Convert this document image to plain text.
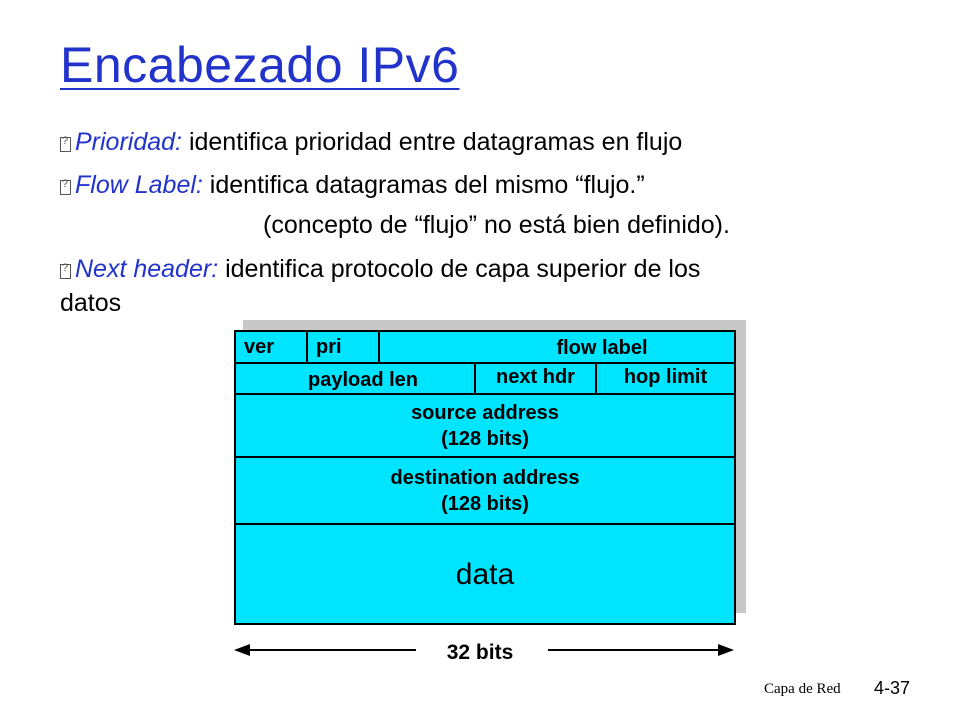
Encabezado IPv6
?Prioridad: identifica prioridad entre datagramas en flujo
?Flow Label: identifica datagramas del mismo “flujo.”
(concepto de “flujo” no está bien definido).
?Next header: identifica protocolo de capa superior de los
datos
ver pri	flow label
payload len	next hdr hop limit
source address
(128 bits)
destination address
(128 bits)
data
32 bits
Capa de Red 4-37
